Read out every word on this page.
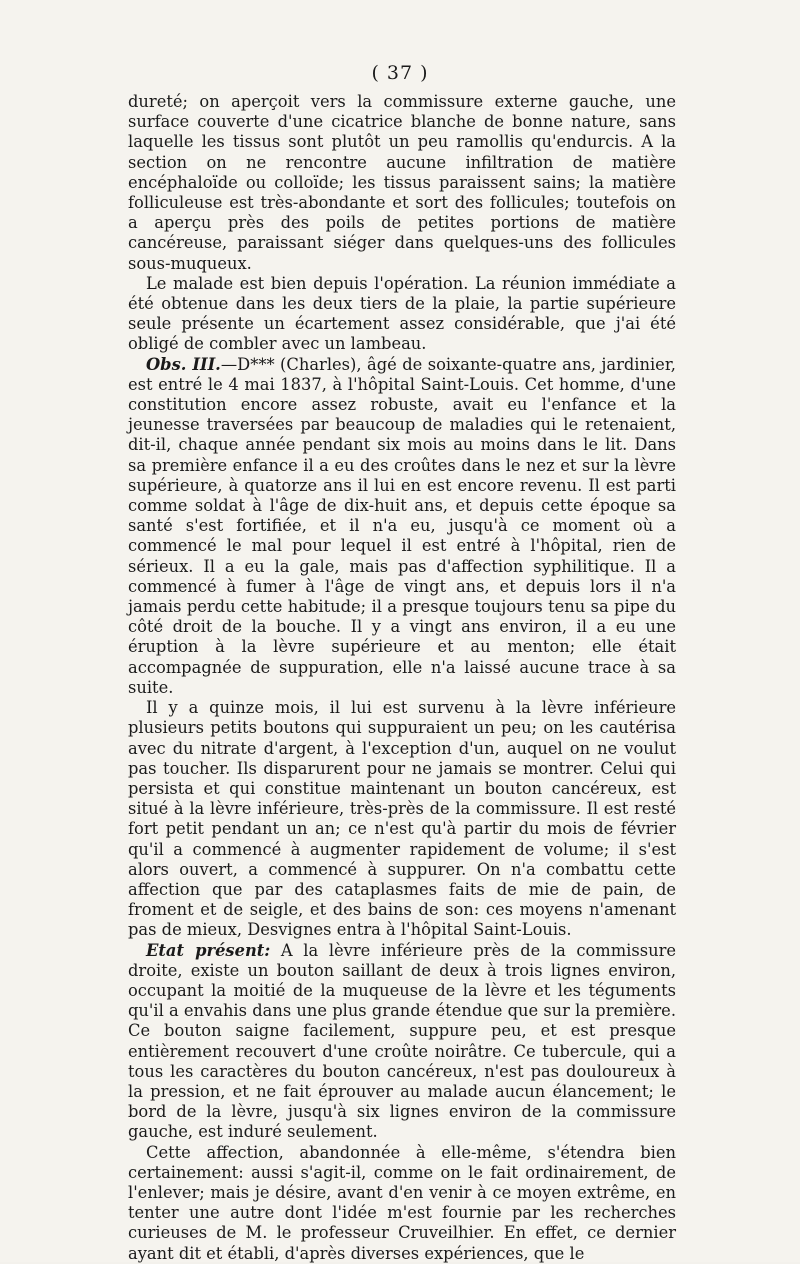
( 37 )

dureté; on aperçoit vers la commissure externe gauche, une surface couverte d'une cicatrice blanche de bonne nature, sans laquelle les tissus sont plutôt un peu ramollis qu'endurcis. A la section on ne rencontre aucune infiltration de matière encéphaloïde ou colloïde; les tissus paraissent sains; la matière folliculeuse est très-abondante et sort des follicules; toutefois on a aperçu près des poils de petites portions de matière cancéreuse, paraissant siéger dans quelques-uns des follicules sous-muqueux.

Le malade est bien depuis l'opération. La réunion immédiate a été obtenue dans les deux tiers de la plaie, la partie supérieure seule présente un écartement assez considérable, que j'ai été obligé de combler avec un lambeau.

Obs. III.—D*** (Charles), âgé de soixante-quatre ans, jardinier, est entré le 4 mai 1837, à l'hôpital Saint-Louis. Cet homme, d'une constitution encore assez robuste, avait eu l'enfance et la jeunesse traversées par beaucoup de maladies qui le retenaient, dit-il, chaque année pendant six mois au moins dans le lit. Dans sa première enfance il a eu des croûtes dans le nez et sur la lèvre supérieure, à quatorze ans il lui en est encore revenu. Il est parti comme soldat à l'âge de dix-huit ans, et depuis cette époque sa santé s'est fortifiée, et il n'a eu, jusqu'à ce moment où a commencé le mal pour lequel il est entré à l'hôpital, rien de sérieux. Il a eu la gale, mais pas d'affection syphilitique. Il a commencé à fumer à l'âge de vingt ans, et depuis lors il n'a jamais perdu cette habitude; il a presque toujours tenu sa pipe du côté droit de la bouche. Il y a vingt ans environ, il a eu une éruption à la lèvre supérieure et au menton; elle était accompagnée de suppuration, elle n'a laissé aucune trace à sa suite.

Il y a quinze mois, il lui est survenu à la lèvre inférieure plusieurs petits boutons qui suppuraient un peu; on les cautérisa avec du nitrate d'argent, à l'exception d'un, auquel on ne voulut pas toucher. Ils disparurent pour ne jamais se montrer. Celui qui persista et qui constitue maintenant un bouton cancéreux, est situé à la lèvre inférieure, très-près de la commissure. Il est resté fort petit pendant un an; ce n'est qu'à partir du mois de février qu'il a commencé à augmenter rapidement de volume; il s'est alors ouvert, a commencé à suppurer. On n'a combattu cette affection que par des cataplasmes faits de mie de pain, de froment et de seigle, et des bains de son: ces moyens n'amenant pas de mieux, Desvignes entra à l'hôpital Saint-Louis.

Etat présent: A la lèvre inférieure près de la commissure droite, existe un bouton saillant de deux à trois lignes environ, occupant la moitié de la muqueuse de la lèvre et les téguments qu'il a envahis dans une plus grande étendue que sur la première. Ce bouton saigne facilement, suppure peu, et est presque entièrement recouvert d'une croûte noirâtre. Ce tubercule, qui a tous les caractères du bouton cancéreux, n'est pas douloureux à la pression, et ne fait éprouver au malade aucun élancement; le bord de la lèvre, jusqu'à six lignes environ de la commissure gauche, est induré seulement.

Cette affection, abandonnée à elle-même, s'étendra bien certainement: aussi s'agit-il, comme on le fait ordinairement, de l'enlever; mais je désire, avant d'en venir à ce moyen extrême, en tenter une autre dont l'idée m'est fournie par les recherches curieuses de M. le professeur Cruveilhier. En effet, ce dernier ayant dit et établi, d'après diverses expériences, que le
